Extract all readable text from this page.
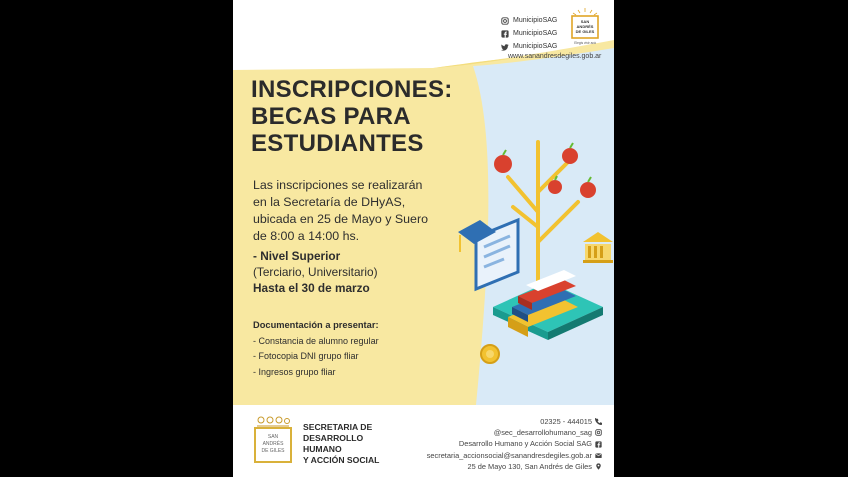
MunicipioSAG
MunicipioSAG
MunicipioSAG
SAN
ANDRÉS
DE GILES
Elegís vivir acá
www.sanandresdegiles.gob.ar
INSCRIPCIONES:
BECAS PARA
ESTUDIANTES
Las inscripciones se realizarán
en la Secretaría de DHyAS,
ubicada en 25 de Mayo y Suero
de 8:00 a 14:00 hs.
- Nivel Superior
(Terciario, Universitario)
Hasta el 30 de marzo
Documentación a presentar:
- Constancia de alumno regular
- Fotocopia DNI grupo fliar
- Ingresos grupo fliar
SAN
ANDRÉS
DE GILES
SECRETARIA DE
DESARROLLO
HUMANO
Y ACCIÓN SOCIAL
02325 - 444015
@sec_desarrollohumano_sag
Desarrollo Humano y Acción Social SAG
secretaria_accionsocial@sanandresdegiles.gob.ar
25 de Mayo 130, San Andrés de Giles
